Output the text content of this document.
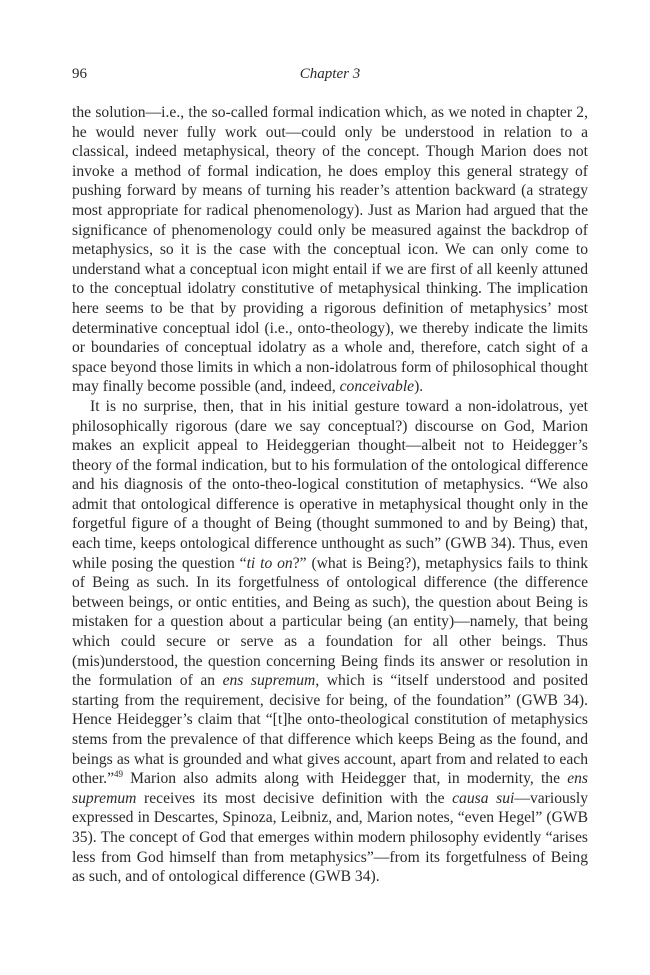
96	Chapter 3

the solution—i.e., the so-called formal indication which, as we noted in chapter 2, he would never fully work out—could only be understood in relation to a classical, indeed metaphysical, theory of the concept. Though Marion does not invoke a method of formal indication, he does employ this general strategy of pushing forward by means of turning his reader’s attention backward (a strategy most appropriate for radical phenomenology). Just as Marion had argued that the significance of phenomenology could only be measured against the backdrop of metaphysics, so it is the case with the conceptual icon. We can only come to understand what a conceptual icon might entail if we are first of all keenly attuned to the conceptual idolatry constitutive of metaphysical thinking. The implication here seems to be that by providing a rigorous definition of metaphysics’ most determinative conceptual idol (i.e., onto-theology), we thereby indicate the limits or boundaries of conceptual idolatry as a whole and, therefore, catch sight of a space beyond those limits in which a non-idolatrous form of philosophical thought may finally become possible (and, indeed, conceivable).

It is no surprise, then, that in his initial gesture toward a non-idolatrous, yet philosophically rigorous (dare we say conceptual?) discourse on God, Marion makes an explicit appeal to Heideggerian thought—albeit not to Heidegger’s theory of the formal indication, but to his formulation of the ontological difference and his diagnosis of the onto-theo-logical constitution of metaphysics. “We also admit that ontological difference is operative in metaphysical thought only in the forgetful figure of a thought of Being (thought summoned to and by Being) that, each time, keeps ontological difference unthought as such” (GWB 34). Thus, even while posing the question “ti to on?” (what is Being?), metaphysics fails to think of Being as such. In its forgetfulness of ontological difference (the difference between beings, or ontic entities, and Being as such), the question about Being is mistaken for a question about a particular being (an entity)—namely, that being which could secure or serve as a foundation for all other beings. Thus (mis)understood, the question concerning Being finds its answer or resolution in the formulation of an ens supremum, which is “itself understood and posited starting from the requirement, decisive for being, of the foundation” (GWB 34). Hence Heidegger’s claim that “[t]he onto-theological constitution of metaphysics stems from the prevalence of that difference which keeps Being as the found, and beings as what is grounded and what gives account, apart from and related to each other.”$^{49}$ Marion also admits along with Heidegger that, in modernity, the ens supremum receives its most decisive definition with the causa sui—variously expressed in Descartes, Spinoza, Leibniz, and, Marion notes, “even Hegel” (GWB 35). The concept of God that emerges within modern philosophy evidently “arises less from God himself than from metaphysics”—from its forgetfulness of Being as such, and of ontological difference (GWB 34).
